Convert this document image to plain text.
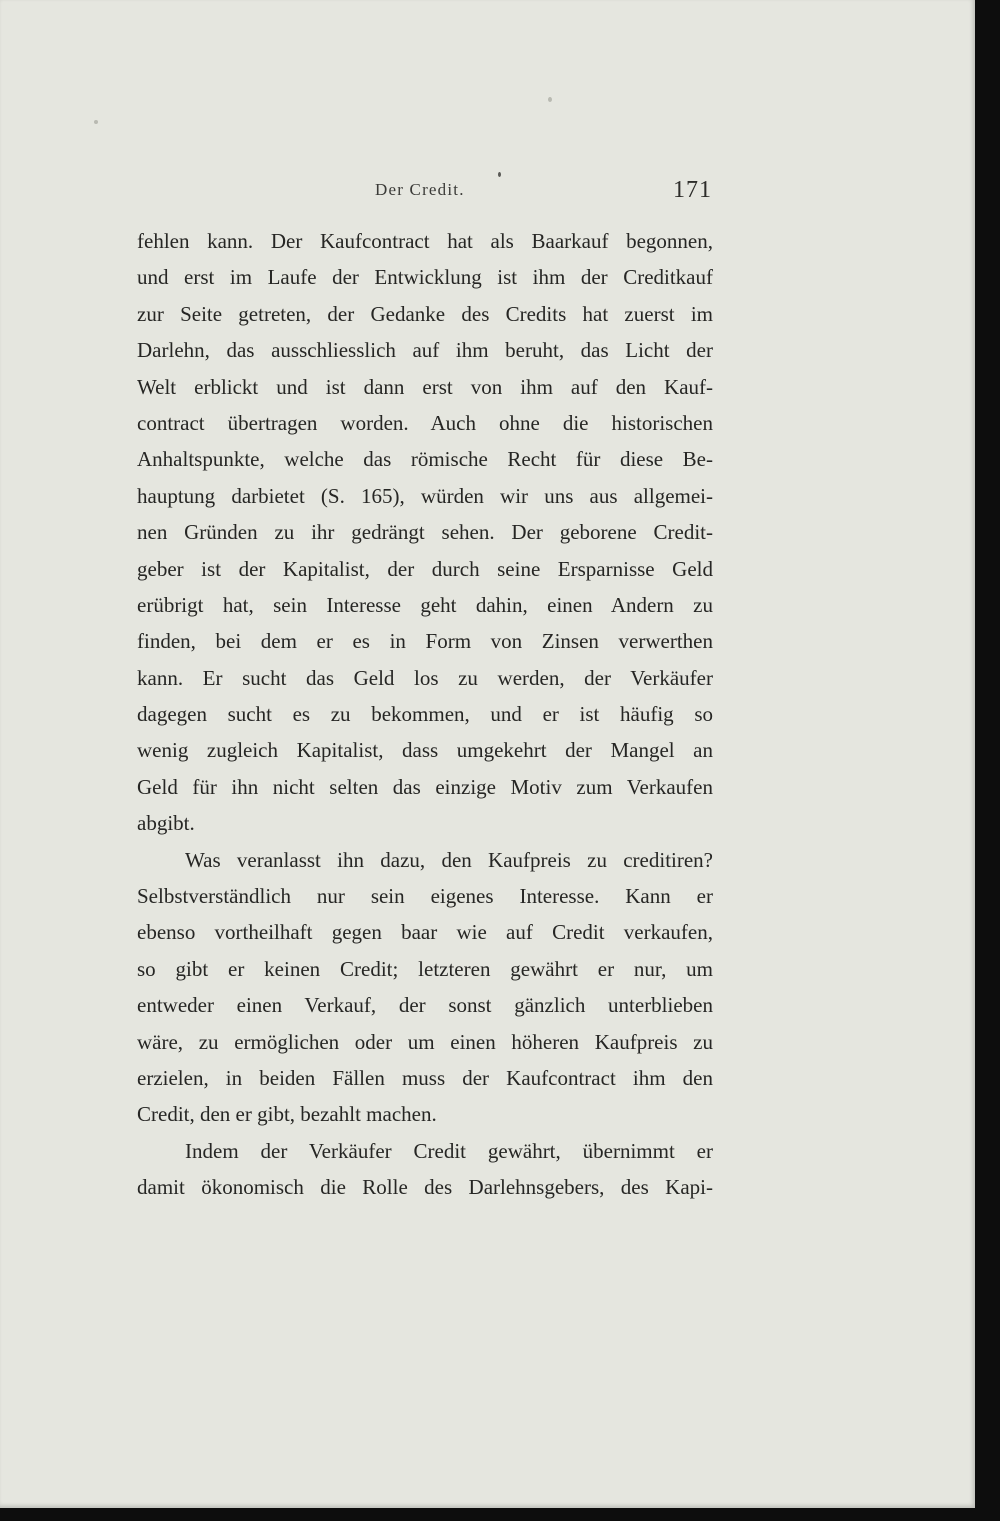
Der Credit.	171
fehlen kann. Der Kaufcontract hat als Baarkauf begonnen,
und erst im Laufe der Entwicklung ist ihm der Creditkauf
zur Seite getreten, der Gedanke des Credits hat zuerst im
Darlehn, das ausschliesslich auf ihm beruht, das Licht der
Welt erblickt und ist dann erst von ihm auf den Kauf-
contract übertragen worden. Auch ohne die historischen
Anhaltspunkte, welche das römische Recht für diese Be-
hauptung darbietet (S. 165), würden wir uns aus allgemei-
nen Gründen zu ihr gedrängt sehen. Der geborene Credit-
geber ist der Kapitalist, der durch seine Ersparnisse Geld
erübrigt hat, sein Interesse geht dahin, einen Andern zu
finden, bei dem er es in Form von Zinsen verwerthen
kann. Er sucht das Geld los zu werden, der Verkäufer
dagegen sucht es zu bekommen, und er ist häufig so
wenig zugleich Kapitalist, dass umgekehrt der Mangel an
Geld für ihn nicht selten das einzige Motiv zum Verkaufen
abgibt.
Was veranlasst ihn dazu, den Kaufpreis zu creditiren?
Selbstverständlich nur sein eigenes Interesse. Kann er
ebenso vortheilhaft gegen baar wie auf Credit verkaufen,
so gibt er keinen Credit; letzteren gewährt er nur, um
entweder einen Verkauf, der sonst gänzlich unterblieben
wäre, zu ermöglichen oder um einen höheren Kaufpreis zu
erzielen, in beiden Fällen muss der Kaufcontract ihm den
Credit, den er gibt, bezahlt machen.
Indem der Verkäufer Credit gewährt, übernimmt er
damit ökonomisch die Rolle des Darlehnsgebers, des Kapi-
